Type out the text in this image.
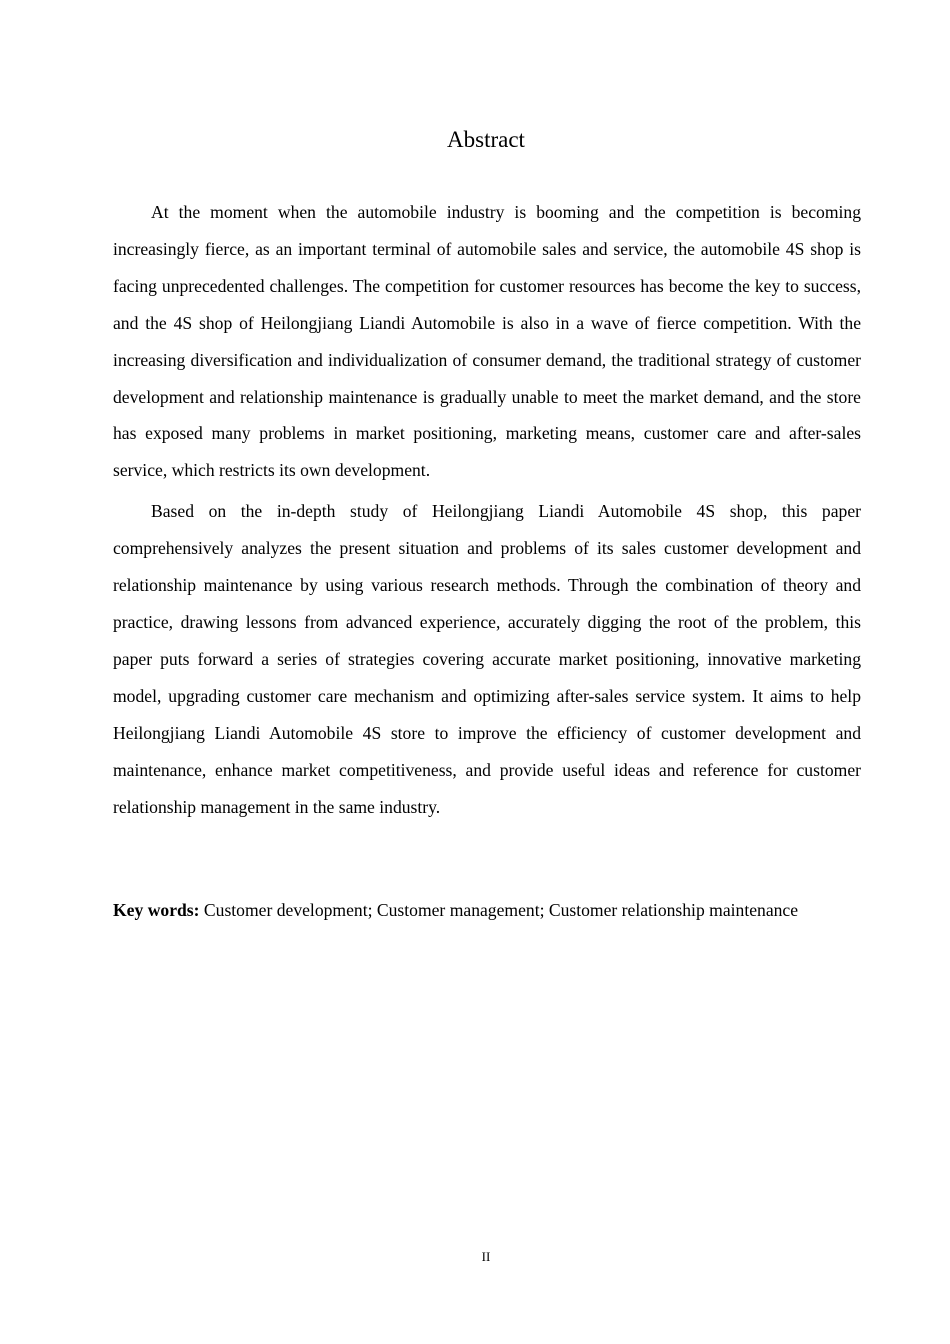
Abstract

At the moment when the automobile industry is booming and the competition is becoming increasingly fierce, as an important terminal of automobile sales and service, the automobile 4S shop is facing unprecedented challenges. The competition for customer resources has become the key to success, and the 4S shop of Heilongjiang Liandi Automobile is also in a wave of fierce competition. With the increasing diversification and individualization of consumer demand, the traditional strategy of customer development and relationship maintenance is gradually unable to meet the market demand, and the store has exposed many problems in market positioning, marketing means, customer care and after-sales service, which restricts its own development.

Based on the in-depth study of Heilongjiang Liandi Automobile 4S shop, this paper comprehensively analyzes the present situation and problems of its sales customer development and relationship maintenance by using various research methods. Through the combination of theory and practice, drawing lessons from advanced experience, accurately digging the root of the problem, this paper puts forward a series of strategies covering accurate market positioning, innovative marketing model, upgrading customer care mechanism and optimizing after-sales service system. It aims to help Heilongjiang Liandi Automobile 4S store to improve the efficiency of customer development and maintenance, enhance market competitiveness, and provide useful ideas and reference for customer relationship management in the same industry.

Key words: Customer development; Customer management; Customer relationship maintenance

II
